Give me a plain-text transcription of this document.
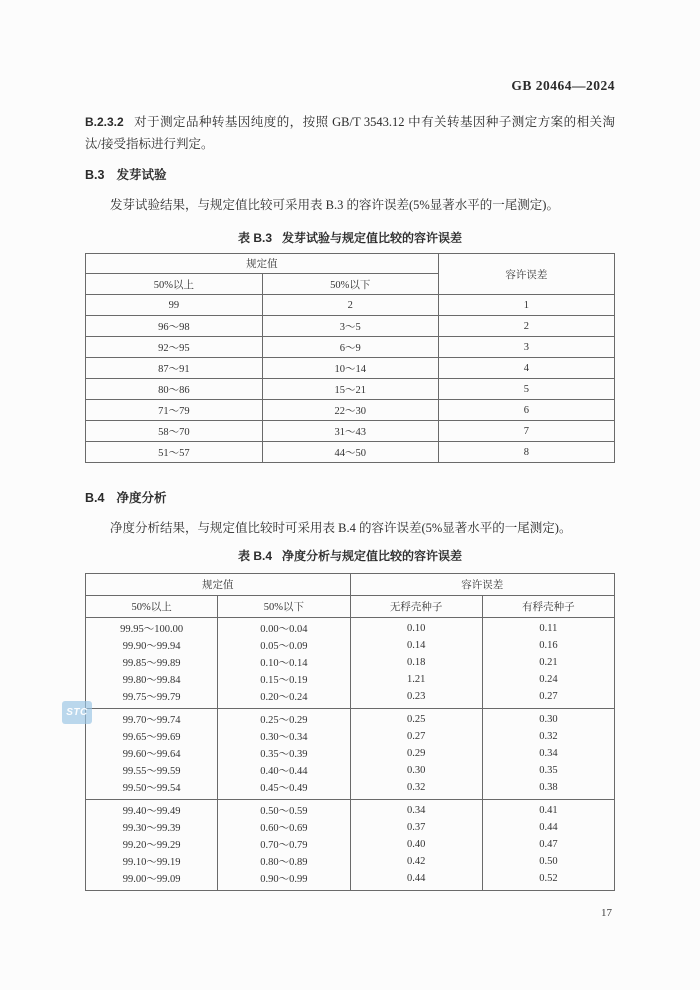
GB 20464—2024
B.2.3.2 对于测定品种转基因纯度的，按照 GB/T 3543.12 中有关转基因种子测定方案的相关淘汰/接受指标进行判定。
B.3 发芽试验
发芽试验结果，与规定值比较可采用表 B.3 的容许误差(5%显著水平的一尾测定)。
表 B.3 发芽试验与规定值比较的容许误差
规定值		容许误差
50%以上	50%以下	
99	2	1
96～98	3～5	2
92～95	6～9	3
87～91	10～14	4
80～86	15～21	5
71～79	22～30	6
58～70	31～43	7
51～57	44～50	8
B.4 净度分析
净度分析结果，与规定值比较时可采用表 B.4 的容许误差(5%显著水平的一尾测定)。
表 B.4 净度分析与规定值比较的容许误差
规定值		容许误差	
50%以上	50%以下	无稃壳种子	有稃壳种子
99.95～100.00	0.00～0.04	0.10	0.11
99.90～99.94	0.05～0.09	0.14	0.16
99.85～99.89	0.10～0.14	0.18	0.21
99.80～99.84	0.15～0.19	1.21	0.24
99.75～99.79	0.20～0.24	0.23	0.27
99.70～99.74	0.25～0.29	0.25	0.30
99.65～99.69	0.30～0.34	0.27	0.32
99.60～99.64	0.35～0.39	0.29	0.34
99.55～99.59	0.40～0.44	0.30	0.35
99.50～99.54	0.45～0.49	0.32	0.38
99.40～99.49	0.50～0.59	0.34	0.41
99.30～99.39	0.60～0.69	0.37	0.44
99.20～99.29	0.70～0.79	0.40	0.47
99.10～99.19	0.80～0.89	0.42	0.50
99.00～99.09	0.90～0.99	0.44	0.52
STC
17
